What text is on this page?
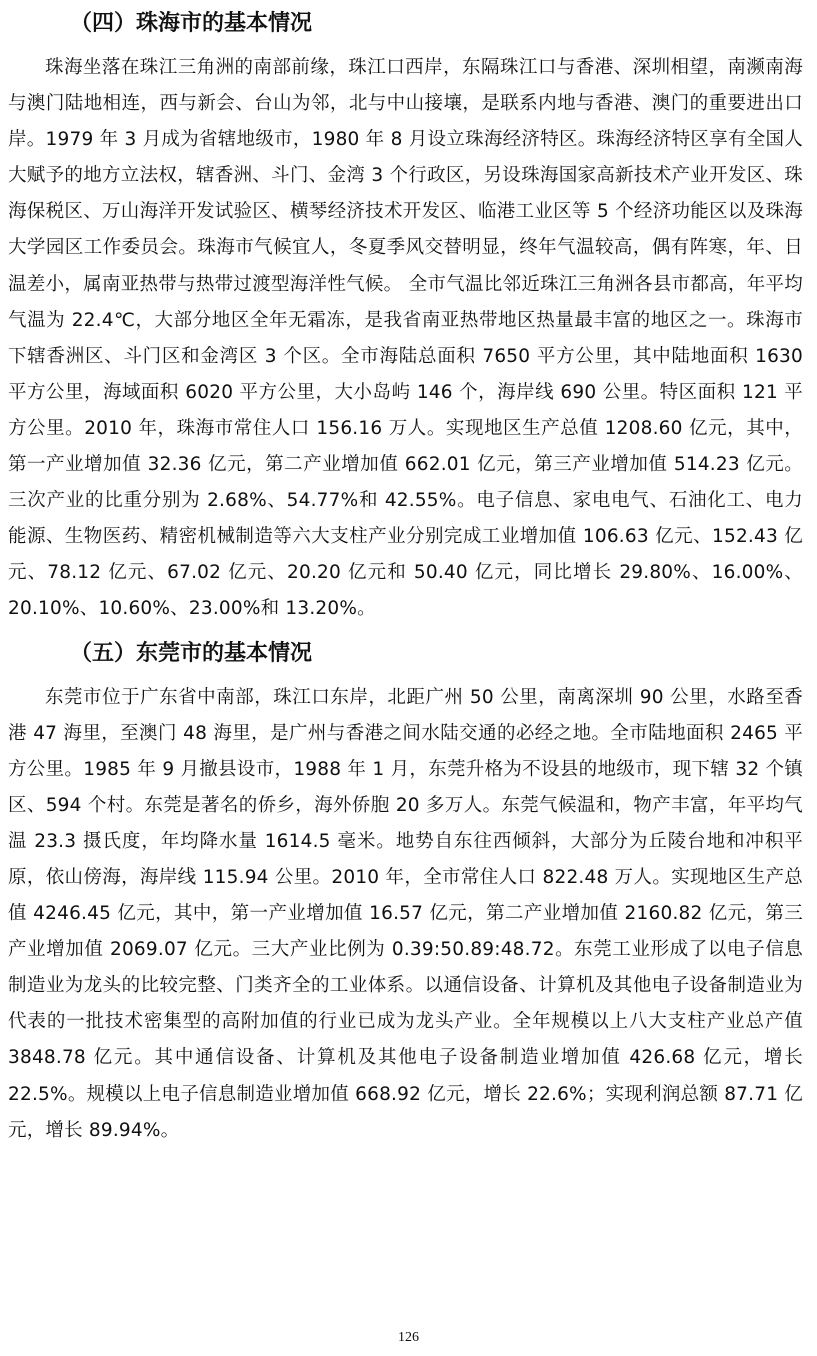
（四）珠海市的基本情况

珠海坐落在珠江三角洲的南部前缘，珠江口西岸，东隔珠江口与香港、深圳相望，南濒南海与澳门陆地相连，西与新会、台山为邻，北与中山接壤，是联系内地与香港、澳门的重要进出口岸。1979 年 3 月成为省辖地级市，1980 年 8 月设立珠海经济特区。珠海经济特区享有全国人大赋予的地方立法权，辖香洲、斗门、金湾 3 个行政区，另设珠海国家高新技术产业开发区、珠海保税区、万山海洋开发试验区、横琴经济技术开发区、临港工业区等 5 个经济功能区以及珠海大学园区工作委员会。珠海市气候宜人，冬夏季风交替明显，终年气温较高，偶有阵寒，年、日温差小，属南亚热带与热带过渡型海洋性气候。 全市气温比邻近珠江三角洲各县市都高，年平均气温为 22.4℃，大部分地区全年无霜冻，是我省南亚热带地区热量最丰富的地区之一。珠海市下辖香洲区、斗门区和金湾区 3 个区。全市海陆总面积 7650 平方公里，其中陆地面积 1630 平方公里，海域面积 6020 平方公里，大小岛屿 146 个，海岸线 690 公里。特区面积 121 平方公里。2010 年，珠海市常住人口 156.16 万人。实现地区生产总值 1208.60 亿元，其中，第一产业增加值 32.36 亿元，第二产业增加值 662.01 亿元，第三产业增加值 514.23 亿元。三次产业的比重分别为 2.68%、54.77%和 42.55%。电子信息、家电电气、石油化工、电力能源、生物医药、精密机械制造等六大支柱产业分别完成工业增加值 106.63 亿元、152.43 亿元、78.12 亿元、67.02 亿元、20.20 亿元和 50.40 亿元，同比增长 29.80%、16.00%、20.10%、10.60%、23.00%和 13.20%。

（五）东莞市的基本情况

东莞市位于广东省中南部，珠江口东岸，北距广州 50 公里，南离深圳 90 公里，水路至香港 47 海里，至澳门 48 海里，是广州与香港之间水陆交通的必经之地。全市陆地面积 2465 平方公里。1985 年 9 月撤县设市，1988 年 1 月，东莞升格为不设县的地级市，现下辖 32 个镇区、594 个村。东莞是著名的侨乡，海外侨胞 20 多万人。东莞气候温和，物产丰富，年平均气温 23.3 摄氏度，年均降水量 1614.5 毫米。地势自东往西倾斜，大部分为丘陵台地和冲积平原，依山傍海，海岸线 115.94 公里。2010 年，全市常住人口 822.48 万人。实现地区生产总值 4246.45 亿元，其中，第一产业增加值 16.57 亿元，第二产业增加值 2160.82 亿元，第三产业增加值 2069.07 亿元。三大产业比例为 0.39:50.89:48.72。东莞工业形成了以电子信息制造业为龙头的比较完整、门类齐全的工业体系。以通信设备、计算机及其他电子设备制造业为代表的一批技术密集型的高附加值的行业已成为龙头产业。全年规模以上八大支柱产业总产值 3848.78 亿元。其中通信设备、计算机及其他电子设备制造业增加值 426.68 亿元，增长 22.5%。规模以上电子信息制造业增加值 668.92 亿元，增长 22.6%；实现利润总额 87.71 亿元，增长 89.94%。

126
